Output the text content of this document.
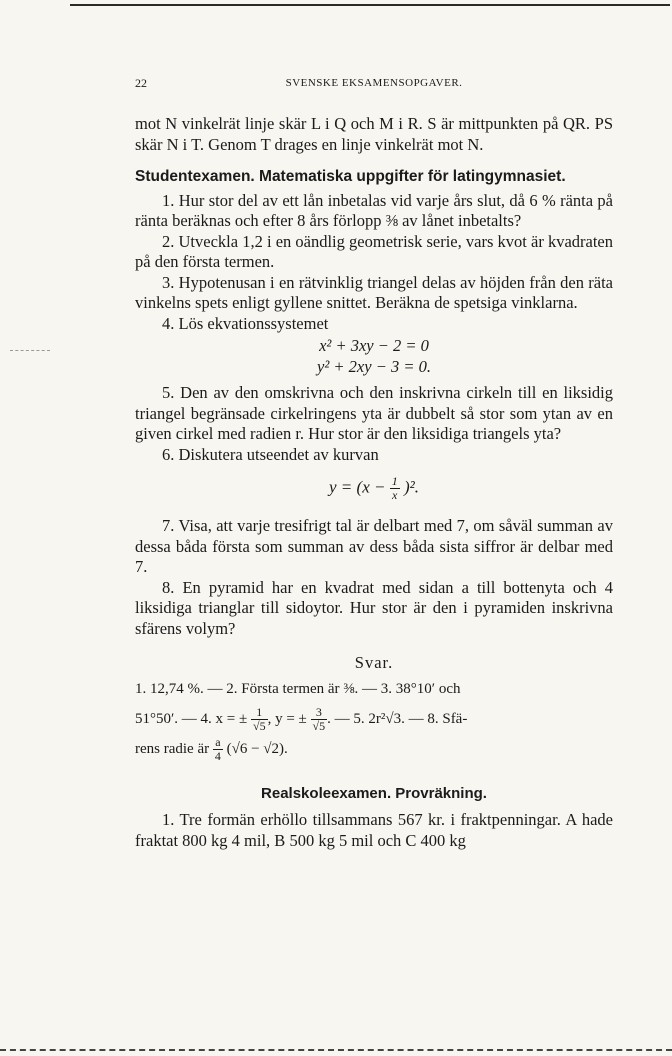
22	SVENSKE EKSAMENSOPGAVER.

mot N vinkelrät linje skär L i Q och M i R. S är mittpunkten på QR. PS skär N i T. Genom T drages en linje vinkelrät mot N.

Studentexamen. Matematiska uppgifter för latingymnasiet.

1. Hur stor del av ett lån inbetalas vid varje års slut, då 6 % ränta på ränta beräknas och efter 8 års förlopp ⅜ av lånet inbetalts?

2. Utveckla 1,2 i en oändlig geometrisk serie, vars kvot är kvadraten på den första termen.

3. Hypotenusan i en rätvinklig triangel delas av höjden från den räta vinkelns spets enligt gyllene snittet. Beräkna de spetsiga vinklarna.

4. Lös ekvationssystemet

x² + 3xy − 2 = 0
y² + 2xy − 3 = 0.

5. Den av den omskrivna och den inskrivna cirkeln till en liksidig triangel begränsade cirkelringens yta är dubbelt så stor som ytan av en given cirkel med radien r. Hur stor är den liksidiga triangels yta?

6. Diskutera utseendet av kurvan

$y = (x - \frac{1}{x} )^2$.

7. Visa, att varje tresifrigt tal är delbart med 7, om såväl summan av dessa båda första som summan av dess båda sista siffror är delbar med 7.

8. En pyramid har en kvadrat med sidan a till bottenyta och 4 liksidiga trianglar till sidoytor. Hur stor är den i pyramiden inskrivna sfärens volym?

Svar.
1. 12,74 %. — 2. Första termen är ⅜. — 3. 38°10′ och
51°50′. — 4. x = ± $\frac{1}{√5}$ , y = ± $\frac{3}{√5}$ . — 5. 2r²√3. — 8. Sfä-
rens radie är $\frac{a}{4} (√6 - √2)$.

Realskoleexamen. Provräkning.

1. Tre formän erhöllo tillsammans 567 kr. i fraktpenningar. A hade fraktat 800 kg 4 mil, B 500 kg 5 mil och C 400 kg
